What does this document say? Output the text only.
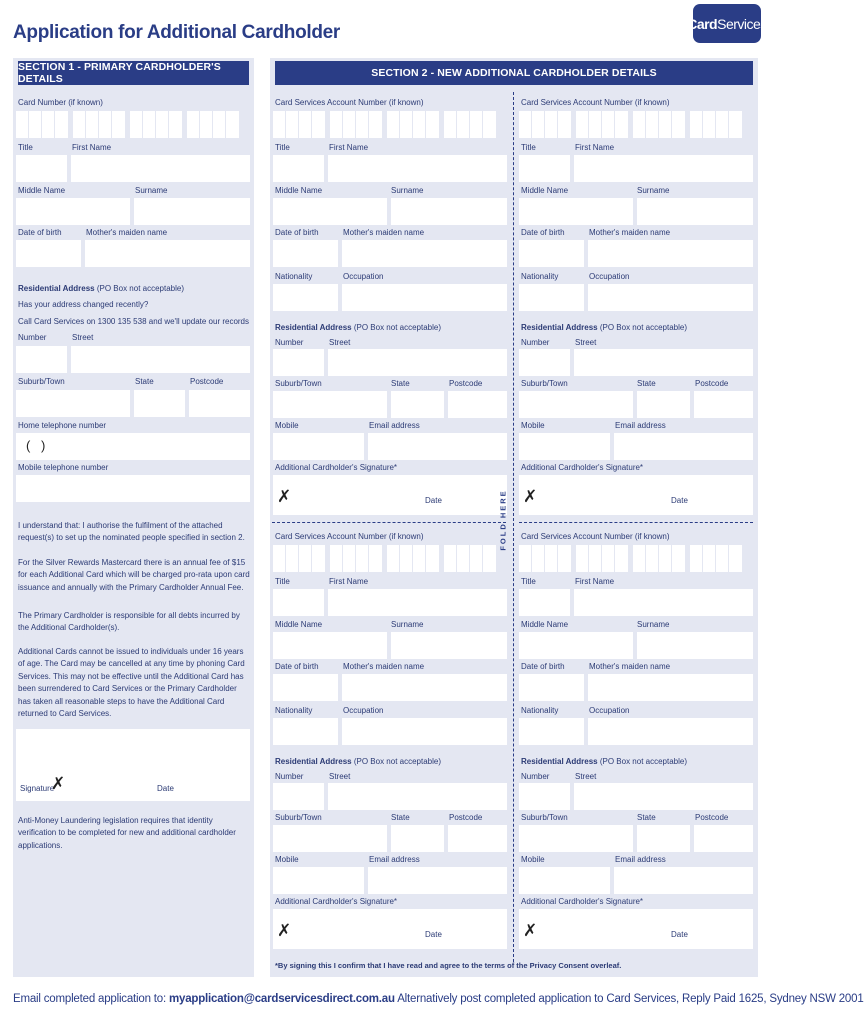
Application for Additional Cardholder	Card Services
SECTION 1 - PRIMARY CARDHOLDER'S DETAILS
Card Number (if known)
Title	First Name
Middle Name	Surname
Date of birth	Mother's maiden name
Residential Address (PO Box not acceptable)
Has your address changed recently?
Call Card Services on 1300 135 538 and we'll update our records
Number	Street
Suburb/Town	State	Postcode
Home telephone number
( )
Mobile telephone number
I understand that: I authorise the fulfilment of the attached request(s) to set up the nominated people specified in section 2.
For the Silver Rewards Mastercard there is an annual fee of $15 for each Additional Card which will be charged pro-rata upon card issuance and annually with the Primary Cardholder Annual Fee.
The Primary Cardholder is responsible for all debts incurred by the Additional Cardholder(s).
Additional Cards cannot be issued to individuals under 16 years of age. The Card may be cancelled at any time by phoning Card Services. This may not be effective until the Additional Card has been surrendered to Card Services or the Primary Cardholder has taken all reasonable steps to have the Additional Card returned to Card Services.
Signature
✗	Date
Anti-Money Laundering legislation requires that identity verification to be completed for new and additional cardholder applications.
SECTION 2 - NEW ADDITIONAL CARDHOLDER DETAILS
Card Services Account Number (if known)
Title	First Name
Middle Name	Surname
Date of birth	Mother's maiden name
Nationality	Occupation
Residential Address (PO Box not acceptable)
Number	Street
Suburb/Town	State	Postcode
Mobile	Email address
Additional Cardholder's Signature*
✗	Date
Card Services Account Number (if known)
Title	First Name
Middle Name	Surname
Date of birth	Mother's maiden name
Nationality	Occupation
Residential Address (PO Box not acceptable)
Number	Street
Suburb/Town	State	Postcode
Mobile	Email address
Additional Cardholder's Signature*
✗	Date
Card Services Account Number (if known)
Title	First Name
Middle Name	Surname
Date of birth	Mother's maiden name
Nationality	Occupation
Residential Address (PO Box not acceptable)
Number	Street
Suburb/Town	State	Postcode
Mobile	Email address
Additional Cardholder's Signature*
✗	Date
Card Services Account Number (if known)
Title	First Name
Middle Name	Surname
Date of birth	Mother's maiden name
Nationality	Occupation
Residential Address (PO Box not acceptable)
Number	Street
Suburb/Town	State	Postcode
Mobile	Email address
Additional Cardholder's Signature*
✗	Date
FOLD HERE
*By signing this I confirm that I have read and agree to the terms of the Privacy Consent overleaf.
Email completed application to: myapplication@cardservicesdirect.com.au Alternatively post completed application to Card Services, Reply Paid 1625, Sydney NSW 2001
